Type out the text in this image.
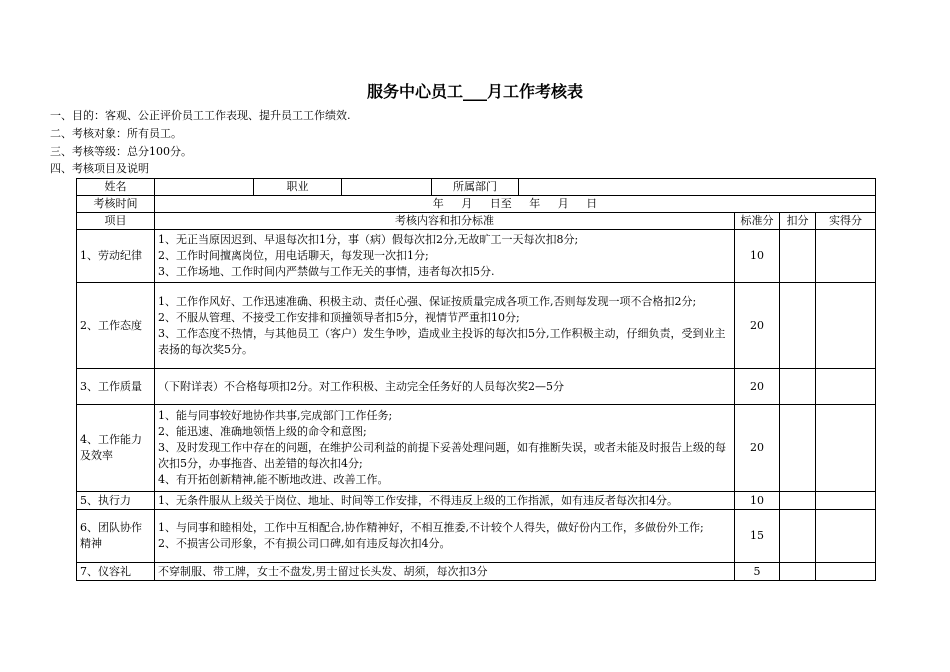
服务中心员工___月工作考核表
一、目的：客观、公正评价员工工作表现、提升员工工作绩效.
二、考核对象：所有员工。
三、考核等级：总分100分。
四、考核项目及说明
姓名		职业		所属部门				
考核时间	年 月 日至 年 月 日							
项目	考核内容和扣分标准					标准分	扣分	实得分
1、劳动纪律	1、无正当原因迟到、早退每次扣1分，事（病）假每次扣2分,无故旷工一天每次扣8分;
2、工作时间擅离岗位，用电话聊天，每发现一次扣1分;
3、工作场地、工作时间内严禁做与工作无关的事情，违者每次扣5分.					10		
2、工作态度	1、工作作风好、工作迅速准确、积极主动、责任心强、保证按质量完成各项工作,否则每发现一项不合格扣2分;
2、不服从管理、不接受工作安排和顶撞领导者扣5分，视情节严重扣10分;
3、工作态度不热情，与其他员工（客户）发生争吵，造成业主投诉的每次扣5分,工作积极主动，仔细负责，受到业主表扬的每次奖5分。					20		
3、工作质量	（下附详表）不合格每项扣2分。对工作积极、主动完全任务好的人员每次奖2—5分					20		
4、工作能力及效率	1、能与同事较好地协作共事,完成部门工作任务;
2、能迅速、准确地领悟上级的命令和意图;
3、及时发现工作中存在的问题，在维护公司利益的前提下妥善处理问题，如有推断失误，或者未能及时报告上级的每次扣5分，办事拖沓、出差错的每次扣4分;
4、有开拓创新精神,能不断地改进、改善工作。					20		
5、执行力	1、无条件服从上级关于岗位、地址、时间等工作安排，不得违反上级的工作指派，如有违反者每次扣4分。					10		
6、团队协作精神	1、与同事和睦相处，工作中互相配合,协作精神好，不相互推委,不计较个人得失，做好份内工作，多做份外工作;
2、不损害公司形象，不有损公司口碑,如有违反每次扣4分。					15		
7、仪容礼	不穿制服、带工牌，女士不盘发,男士留过长头发、胡须，每次扣3分					5		
